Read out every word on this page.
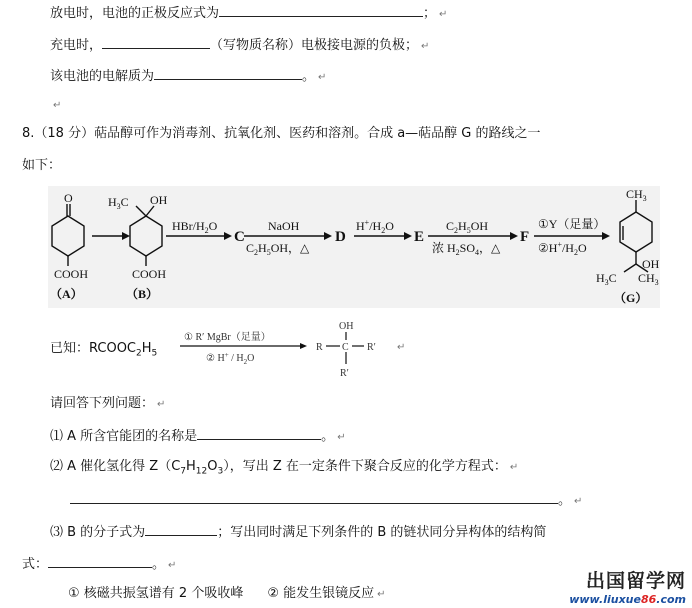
放电时，电池的正极反应式为	； ↵
充电时，	（写物质名称）电极接电源的负极； ↵
该电池的电解质为	。 ↵
↵
8.（18 分）萜品醇可作为消毒剂、抗氧化剂、医药和溶剂。合成 a—萜品醇 G 的路线之一
如下：
O
COOH
$H_3C$ OH
COOH
HBr/$H_2O$
C
NaOH
$C_2H_5OH$，△
D
$H^+/H_2O$
E
$C_2H_5OH$
浓 $H_2SO_4$，△
F
①Y（足量）
$②H^+/H_2O$
$CH_3$
OH
$H_3C$ $CH_3$
（A）	（B）	（G）
已知：$RCOOC_2H_5$
① R′ MgBr（足量）
② $H^+ / H_2O$
OH
R C R′
R′
↵
请回答下列问题： ↵
⑴ A 所含官能团的名称是	。 ↵
⑵ A 催化氢化得 $Z(C_7H_{12}O_3)$，写出 Z 在一定条件下聚合反应的化学方程式： ↵
。 ↵
⑶ B 的分子式为	；写出同时满足下列条件的 B 的链状同分异构体的结构简
式：	。 ↵
① 核磁共振氢谱有 2 个吸收峰 ② 能发生银镜反应 ↵
出国留学网
www.liuxue86.com
